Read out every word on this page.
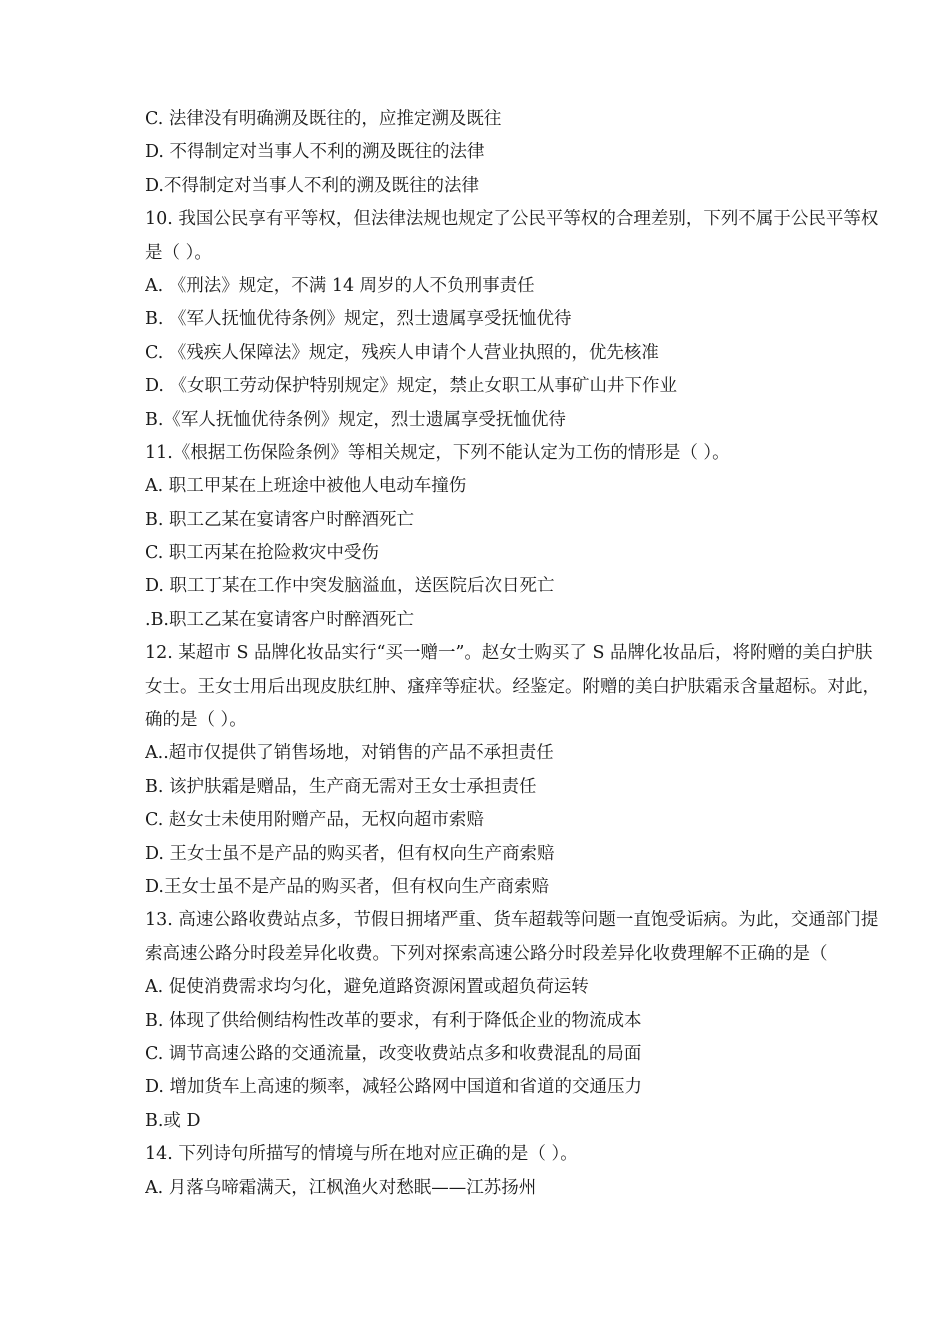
C. 法律没有明确溯及既往的，应推定溯及既往
D. 不得制定对当事人不利的溯及既往的法律
D.不得制定对当事人不利的溯及既往的法律
10. 我国公民享有平等权，但法律法规也规定了公民平等权的合理差别，下列不属于公民平等权
是（ ）。
A. 《刑法》规定，不满 14 周岁的人不负刑事责任
B. 《军人抚恤优待条例》规定，烈士遗属享受抚恤优待
C. 《残疾人保障法》规定，残疾人申请个人营业执照的，优先核准
D. 《女职工劳动保护特别规定》规定，禁止女职工从事矿山井下作业
B.《军人抚恤优待条例》规定，烈士遗属享受抚恤优待
11.《根据工伤保险条例》等相关规定，下列不能认定为工伤的情形是（ ）。
A. 职工甲某在上班途中被他人电动车撞伤
B. 职工乙某在宴请客户时醉酒死亡
C. 职工丙某在抢险救灾中受伤
D. 职工丁某在工作中突发脑溢血，送医院后次日死亡
.B.职工乙某在宴请客户时醉酒死亡
12. 某超市 S 品牌化妆品实行“买一赠一”。赵女士购买了 S 品牌化妆品后，将附赠的美白护肤
女士。王女士用后出现皮肤红肿、瘙痒等症状。经鉴定。附赠的美白护肤霜汞含量超标。对此，
确的是（ ）。
A..超市仅提供了销售场地，对销售的产品不承担责任
B. 该护肤霜是赠品，生产商无需对王女士承担责任
C. 赵女士未使用附赠产品，无权向超市索赔
D. 王女士虽不是产品的购买者，但有权向生产商索赔
D.王女士虽不是产品的购买者，但有权向生产商索赔
13. 高速公路收费站点多，节假日拥堵严重、货车超载等问题一直饱受诟病。为此，交通部门提
索高速公路分时段差异化收费。下列对探索高速公路分时段差异化收费理解不正确的是（
A. 促使消费需求均匀化，避免道路资源闲置或超负荷运转
B. 体现了供给侧结构性改革的要求，有利于降低企业的物流成本
C. 调节高速公路的交通流量，改变收费站点多和收费混乱的局面
D. 增加货车上高速的频率，减轻公路网中国道和省道的交通压力
B.或 D
14. 下列诗句所描写的情境与所在地对应正确的是（ ）。
A. 月落乌啼霜满天，江枫渔火对愁眠——江苏扬州
